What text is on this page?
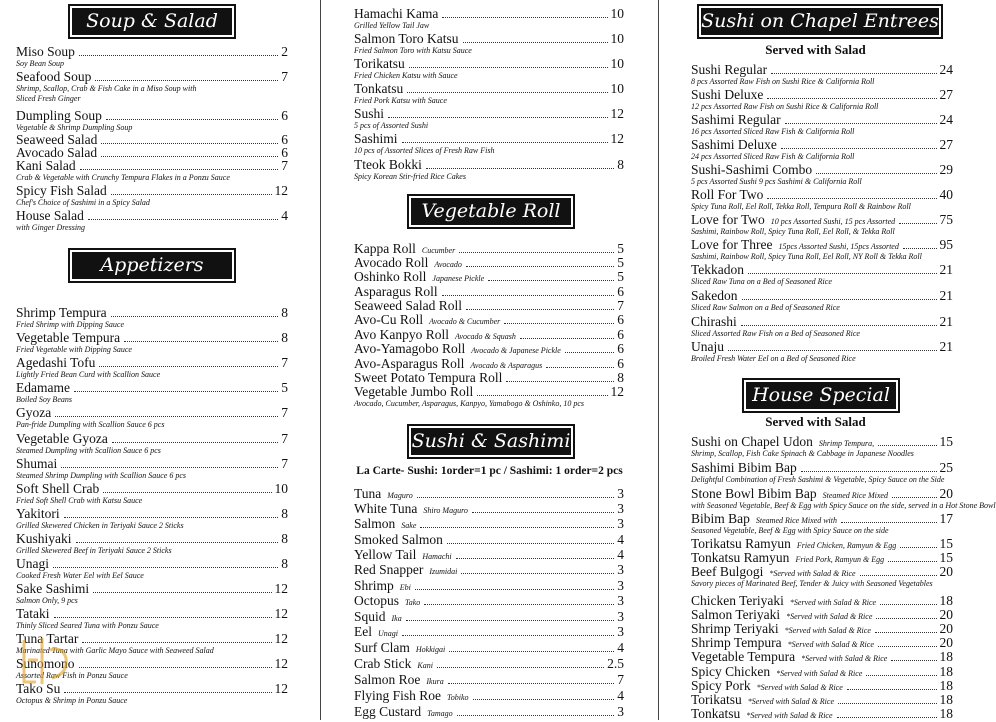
Soup & Salad
Appetizers
Miso Soup	2
Soy Bean Soup
Seafood Soup	7
Shrimp, Scallop, Crab & Fish Cake in a Miso Soup with
Sliced Fresh Ginger
Dumpling Soup	6
Vegetable & Shrimp Dumpling Soup
Seaweed Salad	6
Avocado Salad	6
Kani Salad	7
Crab & Vegetable with Crunchy Tempura Flakes in a Ponzu Sauce
Spicy Fish Salad	12
Chef's Choice of Sashimi in a Spicy Salad
House Salad	4
with Ginger Dressing
Shrimp Tempura	8
Fried Shrimp with Dipping Sauce
Vegetable Tempura	8
Fried Vegetable with Dipping Sauce
Agedashi Tofu	7
Lightly Fried Bean Curd with Scallion Sauce
Edamame	5
Boiled Soy Beans
Gyoza	7
Pan-fride Dumpling with Scallion Sauce 6 pcs
Vegetable Gyoza	7
Steamed Dumpling with Scallion Sauce 6 pcs
Shumai	7
Steamed Shrimp Dumpling with Scallion Sauce 6 pcs
Soft Shell Crab	10
Fried Soft Shell Crab with Katsu Sauce
Yakitori	8
Grilled Skewered Chicken in Teriyaki Sauce 2 Sticks
Kushiyaki	8
Grilled Skewered Beef in Teriyaki Sauce 2 Sticks
Unagi	8
Cooked Fresh Water Eel with Eel Sauce
Sake Sashimi	12
Salmon Only, 9 pcs
Tataki	12
Thinly Sliced Seared Tuna with Ponzu Sauce
Tuna Tartar	12
Marinated Tuna with Garlic Mayo Sauce with Seaweed Salad
Sunomono	12
Assorted Raw Fish in Ponzu Sauce
Tako Su	12
Octopus & Shrimp in Ponzu Sauce
Vegetable Roll
Sushi & Sashimi
La Carte- Sushi: 1order=1 pc / Sashimi: 1 order=2 pcs
Hamachi Kama	10
Grilled Yellow Tail Jaw
Salmon Toro Katsu	10
Fried Salmon Toro with Katsu Sauce
Torikatsu	10
Fried Chicken Katsu with Sauce
Tonkatsu	10
Fried Pork Katsu with Sauce
Sushi	12
5 pcs of Assorted Sushi
Sashimi	12
10 pcs of Assorted Slices of Fresh Raw Fish
Tteok Bokki	8
Spicy Korean Stir-fried Rice Cakes
Kappa Roll Cucumber	5
Avocado Roll Avocado	5
Oshinko Roll Japanese Pickle	5
Asparagus Roll	6
Seaweed Salad Roll	7
Avo-Cu Roll Avocado & Cucumber	6
Avo Kanpyo Roll Avocado & Squash	6
Avo-Yamagobo Roll Avocado & Japanese Pickle	6
Avo-Asparagus Roll Avocado & Asparagus	6
Sweet Potato Tempura Roll	8
Vegetable Jumbo Roll	12
Avocado, Cucumber, Asparagus, Kanpyo, Yamabogo & Oshinko, 10 pcs
Tuna Maguro	3
White Tuna Shiro Maguro	3
Salmon Sake	3
Smoked Salmon	4
Yellow Tail Hamachi	4
Red Snapper Izumidai	3
Shrimp Ebi	3
Octopus Tako	3
Squid Ika	3
Eel Unagi	3
Surf Clam Hokkigai	4
Crab Stick Kani	2.5
Salmon Roe Ikura	7
Flying Fish Roe Tobiko	4
Egg Custard Tamago	3
Sushi on Chapel Entrees
Served with Salad
House Special
Served with Salad
Sushi Regular	24
8 pcs Assorted Raw Fish on Sushi Rice & California Roll
Sushi Deluxe	27
12 pcs Assorted Raw Fish on Sushi Rice & California Roll
Sashimi Regular	24
16 pcs Assorted Sliced Raw Fish & California Roll
Sashimi Deluxe	27
24 pcs Assorted Sliced Raw Fish & California Roll
Sushi-Sashimi Combo	29
5 pcs Assorted Sushi 9 pcs Sashimi & California Roll
Roll For Two	40
Spicy Tuna Roll, Eel Roll, Tekka Roll, Tempura Roll & Rainbow Roll
Love for Two 10 pcs Assorted Sushi, 15 pcs Assorted	75
Sashimi, Rainbow Roll, Spicy Tuna Roll, Eel Roll, & Tekka Roll
Love for Three 15pcs Assorted Sushi, 15pcs Assorted	95
Sashimi, Rainbow Roll, Spicy Tuna Roll, Eel Roll, NY Roll & Tekka Roll
Tekkadon	21
Sliced Raw Tuna on a Bed of Seasoned Rice
Sakedon	21
Sliced Raw Salmon on a Bed of Seasoned Rice
Chirashi	21
Sliced Assorted Raw Fish on a Bed of Seasoned Rice
Unaju	21
Broiled Fresh Water Eel on a Bed of Seasoned Rice
Sushi on Chapel Udon Shrimp Tempura,	15
Shrimp, Scallop, Fish Cake Spinach & Cabbage in Japanese Noodles
Sashimi Bibim Bap	25
Delightful Combination of Fresh Sashimi & Vegetable, Spicy Sauce on the Side
Stone Bowl Bibim Bap Steamed Rice Mixed	20
with Seasoned Vegetable, Beef & Egg with Spicy Sauce on the side, served in a Hot Stone Bowl
Bibim Bap Steamed Rice Mixed with	17
Seasoned Vegetable, Beef & Egg with Spicy Sauce on the side
Torikatsu Ramyun Fried Chicken, Ramyun & Egg	15
Tonkatsu Ramyun Fried Pork, Ramyun & Egg	15
Beef Bulgogi *Served with Salad & Rice	20
Savory pieces of Marinated Beef, Tender & Juicy with Seasoned Vegetables
Chicken Teriyaki *Served with Salad & Rice	18
Salmon Teriyaki *Served with Salad & Rice	20
Shrimp Teriyaki *Served with Salad & Rice	20
Shrimp Tempura *Served with Salad & Rice	20
Vegetable Tempura *Served with Salad & Rice	18
Spicy Chicken *Served with Salad & Rice	18
Spicy Pork *Served with Salad & Rice	18
Torikatsu *Served with Salad & Rice	18
Tonkatsu *Served with Salad & Rice	18
